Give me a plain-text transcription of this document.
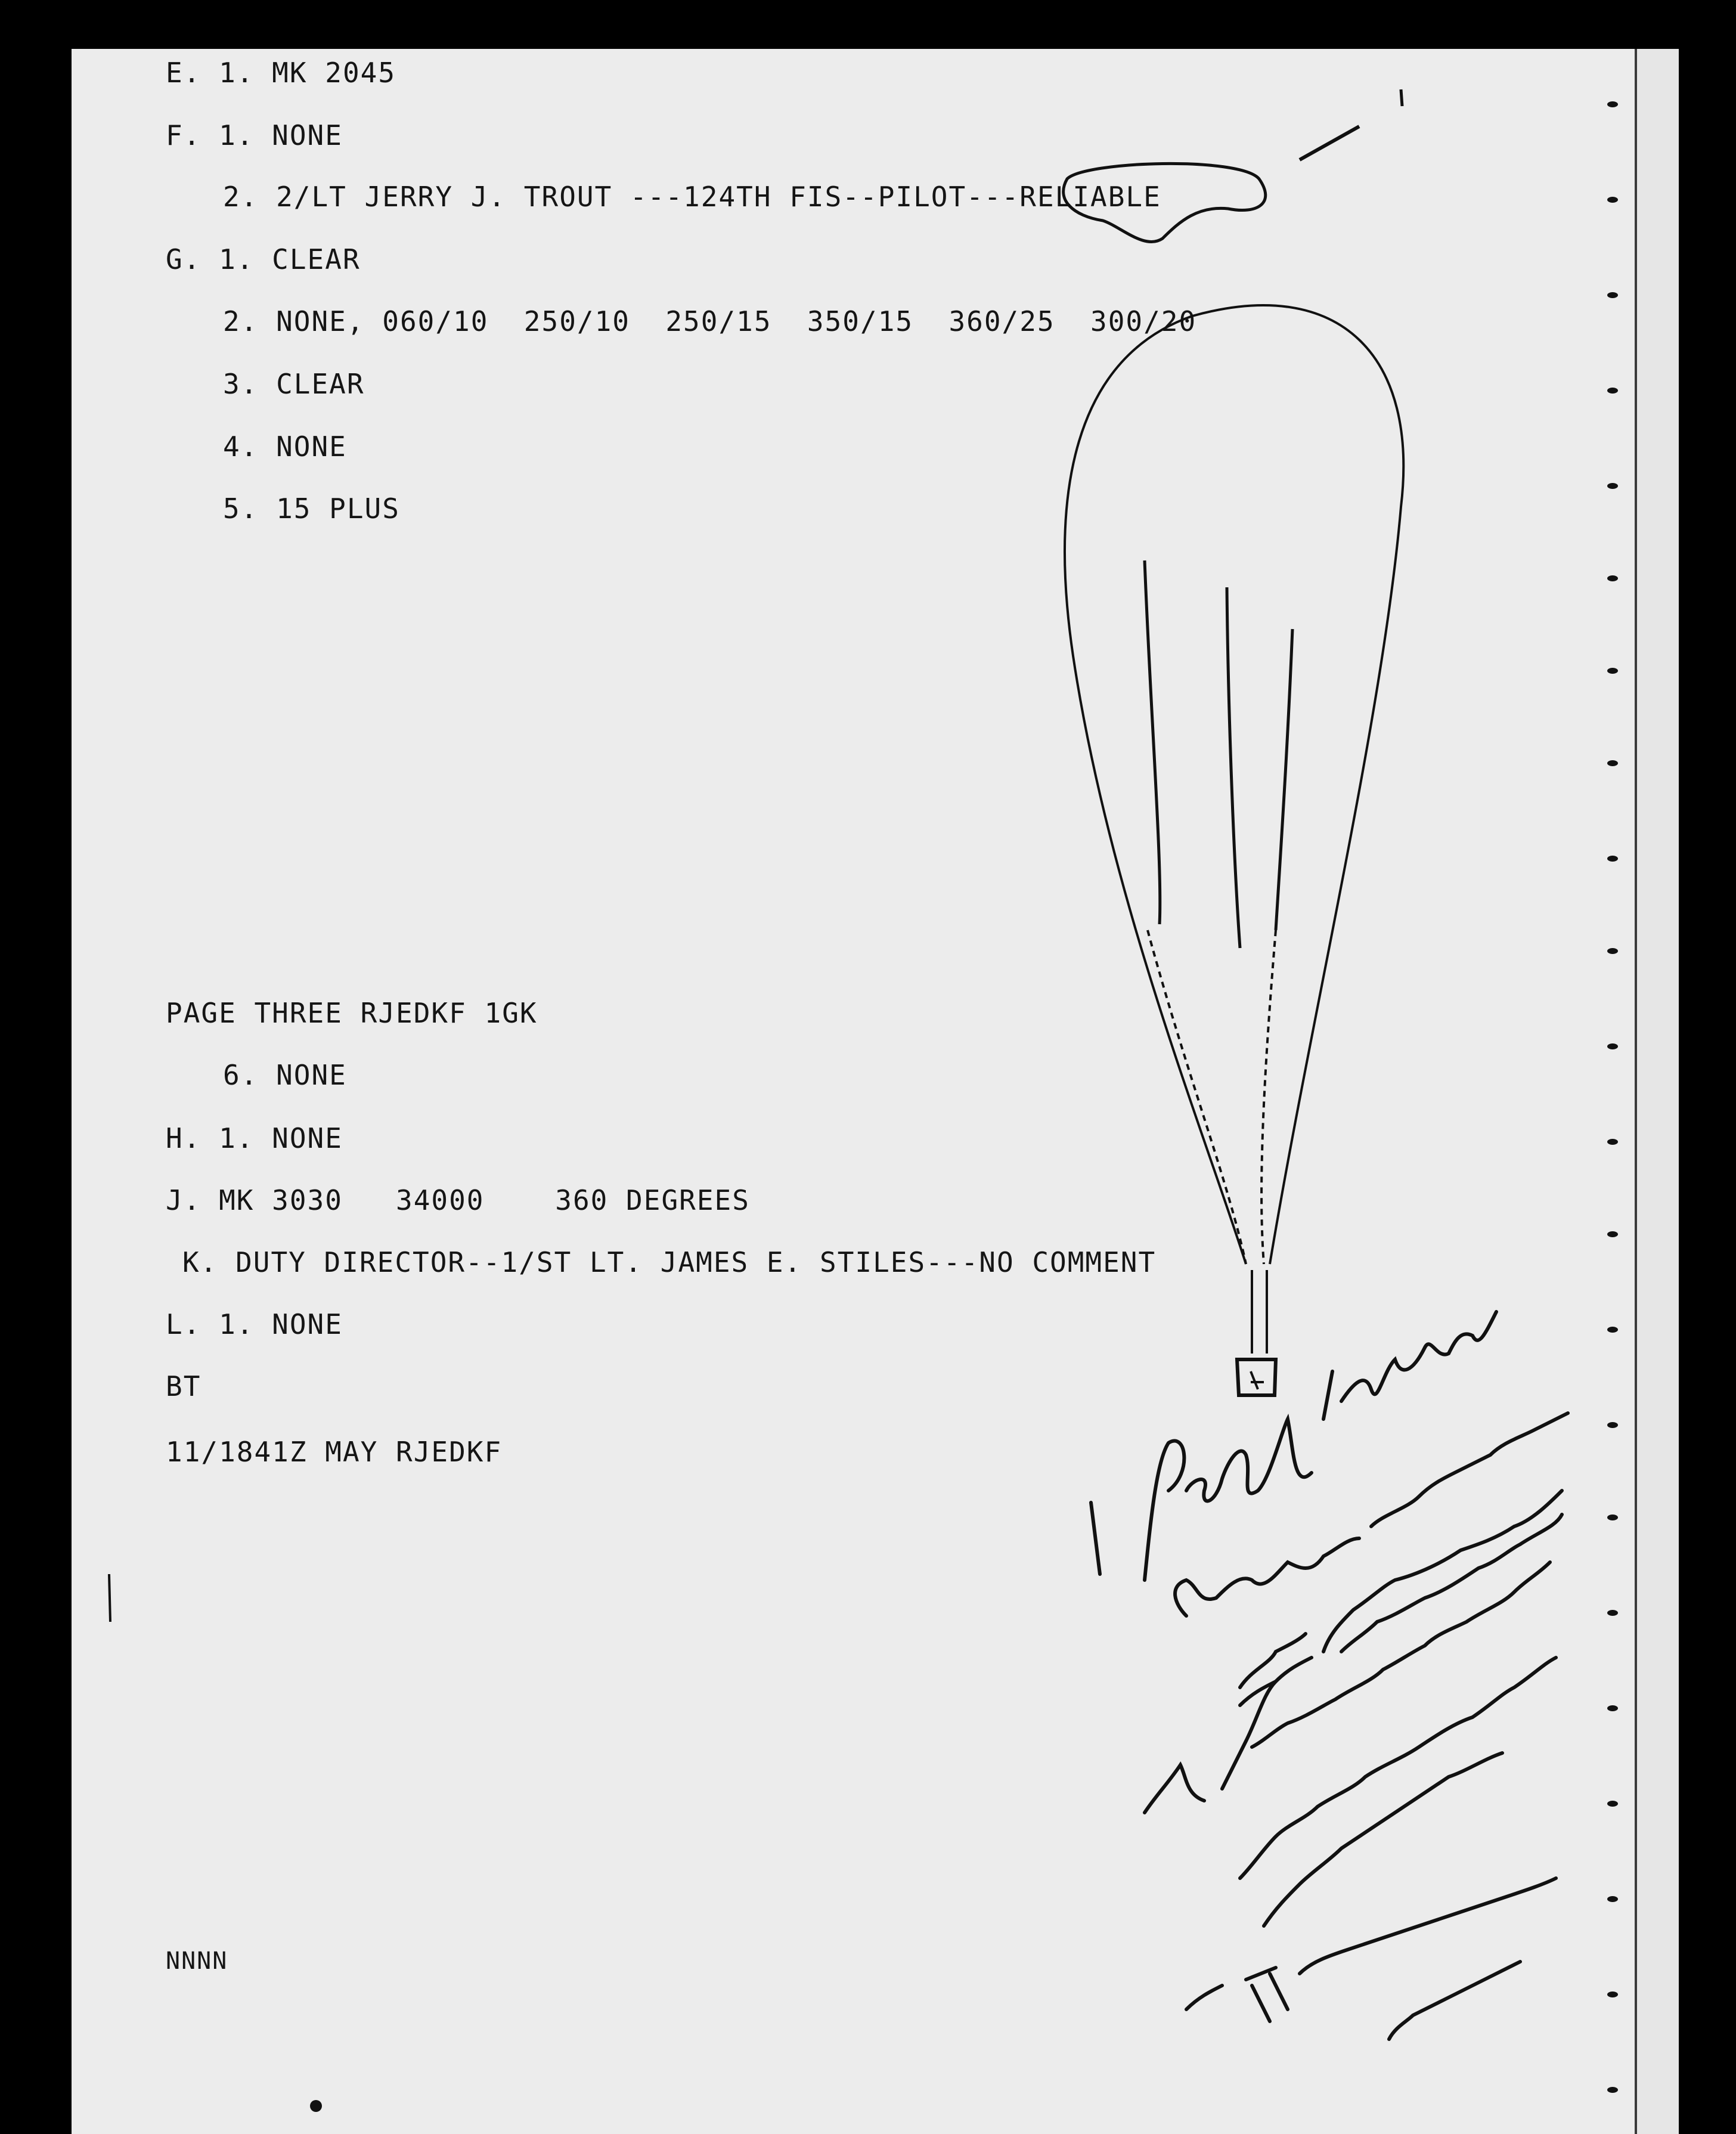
E. 1. MK 2045
F. 1. NONE
2. 2/LT JERRY J. TROUT ---124TH FIS--PILOT---RELIABLE
G. 1. CLEAR
2. NONE, 060/10  250/10  250/15  350/15  360/25  300/20
3. CLEAR
4. NONE
5. 15 PLUS
PAGE THREE RJEDKF 1GK
6. NONE
H. 1. NONE
J. MK 3030   34000    360 DEGREES
K. DUTY DIRECTOR--1/ST LT. JAMES E. STILES---NO COMMENT
L. 1. NONE
BT
11/1841Z MAY RJEDKF
NNNN
